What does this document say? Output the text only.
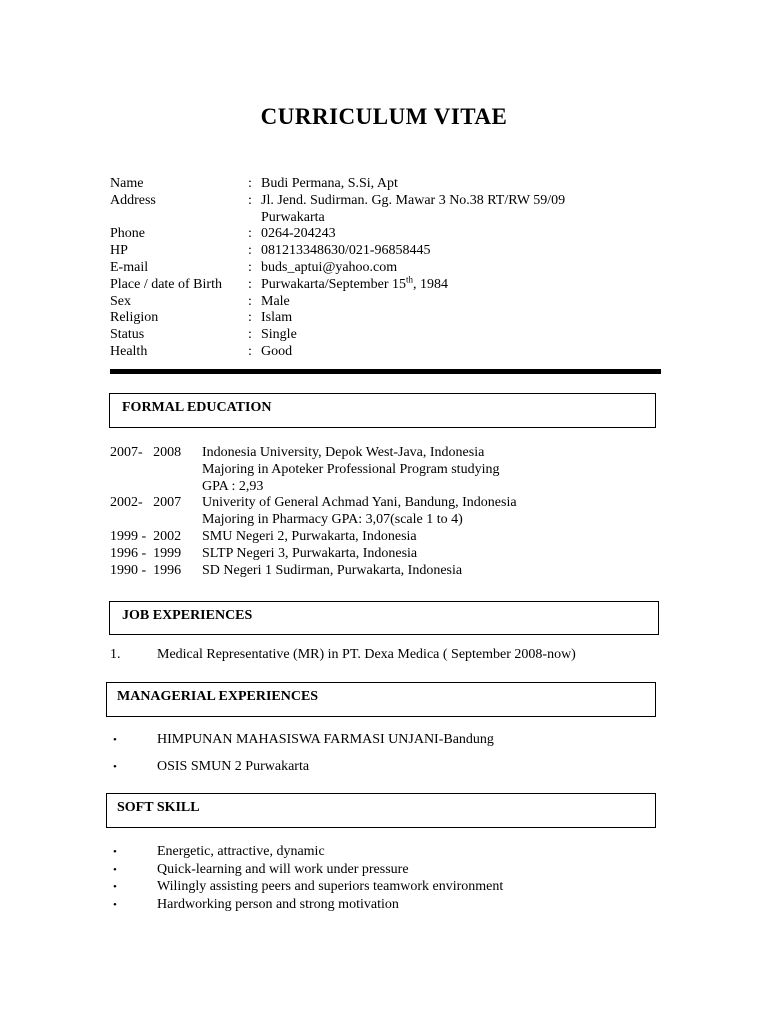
CURRICULUM VITAE
Name	: Budi Permana, S.Si, Apt
Address	: Jl. Jend. Sudirman. Gg. Mawar 3 No.38 RT/RW 59/09
Purwakarta
Phone	: 0264-204243
HP	: 081213348630/021-96858445
E-mail	: buds_aptui@yahoo.com
Place / date of Birth	: Purwakarta/September 15th, 1984
Sex	: Male
Religion	: Islam
Status	: Single
Health	: Good
FORMAL EDUCATION
2007-   2008	Indonesia University, Depok West-Java, Indonesia
Majoring in Apoteker Professional Program studying
GPA : 2,93
2002-   2007	Univerity of General Achmad Yani, Bandung, Indonesia
Majoring in Pharmacy GPA: 3,07(scale 1 to 4)
1999 -  2002	SMU Negeri 2, Purwakarta, Indonesia
1996 -  1999	SLTP Negeri 3, Purwakarta, Indonesia
1990 -  1996	SD Negeri 1 Sudirman, Purwakarta, Indonesia
JOB EXPERIENCES
1.	Medical Representative (MR) in PT. Dexa Medica ( September 2008-now)
MANAGERIAL EXPERIENCES
•	HIMPUNAN MAHASISWA FARMASI UNJANI-Bandung
•	OSIS SMUN 2 Purwakarta
SOFT SKILL
•	Energetic, attractive, dynamic
•	Quick-learning and will work under pressure
•	Wilingly assisting peers and superiors teamwork environment
•	Hardworking person and strong motivation
